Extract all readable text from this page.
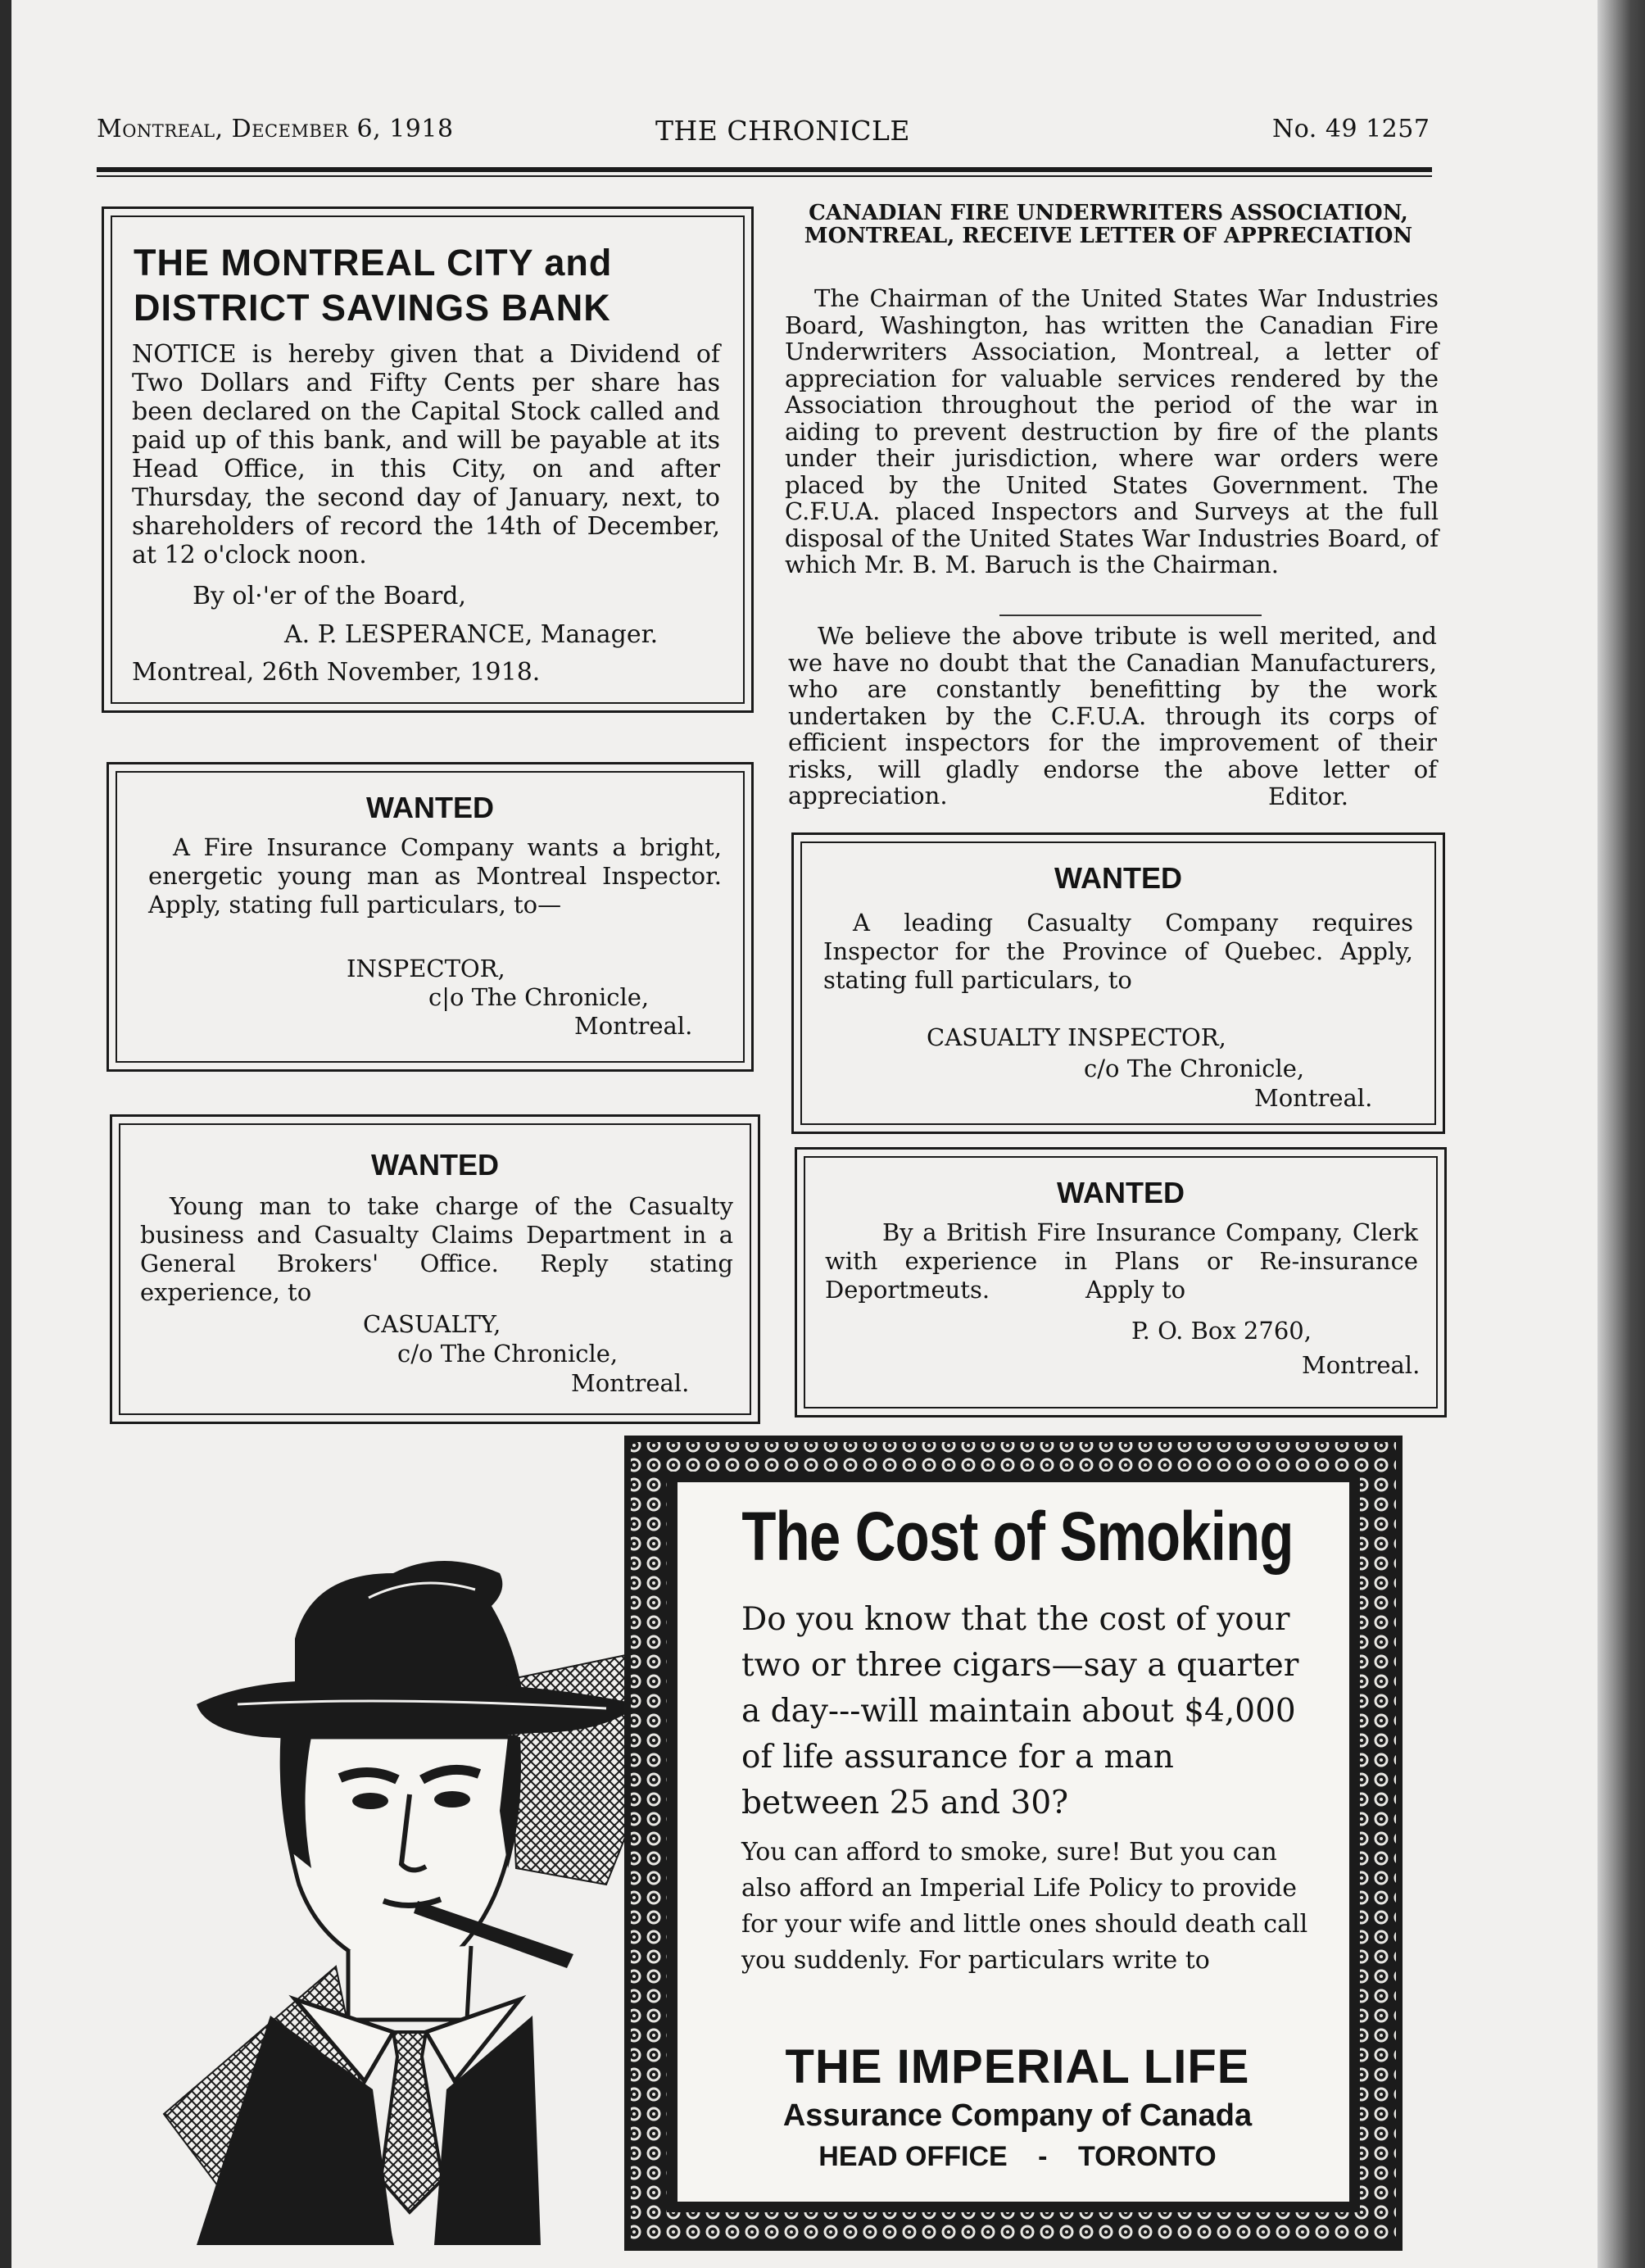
Montreal, December 6, 1918	THE CHRONICLE	No. 49 1257
THE MONTREAL CITY and
DISTRICT SAVINGS BANK
NOTICE is hereby given that a Dividend of Two Dollars and Fifty Cents per share has been declared on the Capital Stock called and paid up of this bank, and will be payable at its Head Office, in this City, on and after Thursday, the second day of January, next, to shareholders of record the 14th of December, at 12 o'clock noon.
By ol·'er of the Board,
A. P. LESPERANCE, Manager.
Montreal, 26th November, 1918.
WANTED
A Fire Insurance Company wants a bright, energetic young man as Montreal Inspector. Apply, stating full particulars, to—
INSPECTOR,
c|o The Chronicle,
Montreal.
WANTED
Young man to take charge of the Casualty business and Casualty Claims Department in a General Brokers' Office. Reply stating experience, to
CASUALTY,
c/o The Chronicle,
Montreal.
CANADIAN FIRE UNDERWRITERS ASSOCIATION, MONTREAL, RECEIVE LETTER OF APPRECIATION
The Chairman of the United States War Industries Board, Washington, has written the Canadian Fire Underwriters Association, Montreal, a letter of appreciation for valuable services rendered by the Association throughout the period of the war in aiding to prevent destruction by fire of the plants under their jurisdiction, where war orders were placed by the United States Government. The C.F.U.A. placed Inspectors and Surveys at the full disposal of the United States War Industries Board, of which Mr. B. M. Baruch is the Chairman.
We believe the above tribute is well merited, and we have no doubt that the Canadian Manufacturers, who are constantly benefitting by the work undertaken by the C.F.U.A. through its corps of efficient inspectors for the improvement of their risks, will gladly endorse the above letter of appreciation.	Editor.
WANTED
A leading Casualty Company requires Inspector for the Province of Quebec. Apply, stating full particulars, to
CASUALTY INSPECTOR,
c/o The Chronicle,
Montreal.
WANTED
By a British Fire Insurance Company, Clerk with experience in Plans or Re-insurance Deportmeuts.	Apply to
P. O. Box 2760,
Montreal.
The Cost of Smoking
Do you know that the cost of your two or three cigars—say a quarter a day---will maintain about $4,000 of life assurance for a man between 25 and 30?
You can afford to smoke, sure! But you can also afford an Imperial Life Policy to provide for your wife and little ones should death call you suddenly. For particulars write to
THE IMPERIAL LIFE
Assurance Company of Canada
HEAD OFFICE - TORONTO
